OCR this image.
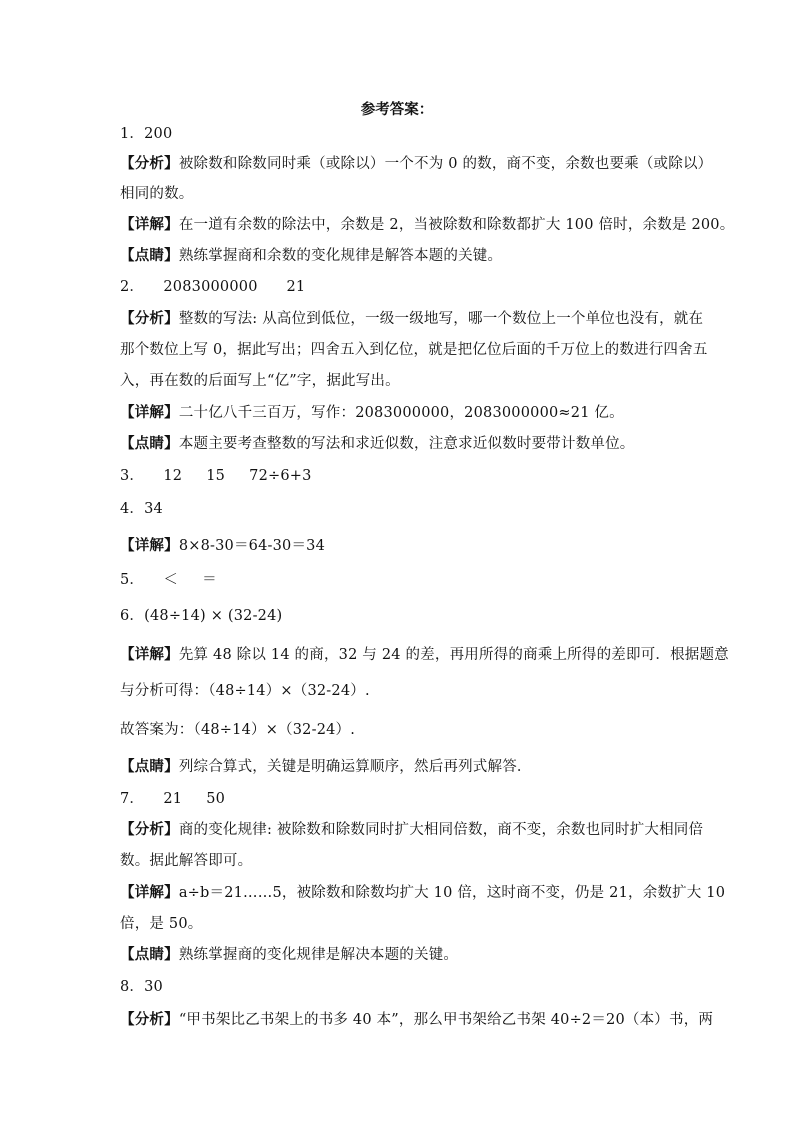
参考答案：
1．200
【分析】被除数和除数同时乘（或除以）一个不为 0 的数，商不变，余数也要乘（或除以）
相同的数。
【详解】在一道有余数的除法中，余数是 2，当被除数和除数都扩大 100 倍时，余数是 200。
【点睛】熟练掌握商和余数的变化规律是解答本题的关键。
2．    2083000000      21
【分析】整数的写法: 从高位到低位，一级一级地写，哪一个数位上一个单位也没有，就在
那个数位上写 0，据此写出；四舍五入到亿位，就是把亿位后面的千万位上的数进行四舍五
入，再在数的后面写上“亿”字，据此写出。
【详解】二十亿八千三百万，写作：2083000000，2083000000≈21 亿。
【点睛】本题主要考查整数的写法和求近似数，注意求近似数时要带计数单位。
3．    12     15     72÷6+3
4．34
【详解】8×8-30＝64-30＝34
5．    ＜     ＝
6．(48÷14) × (32-24)
【详解】先算 48 除以 14 的商，32 与 24 的差，再用所得的商乘上所得的差即可．根据题意
与分析可得：（48÷14）×（32-24）.
故答案为：（48÷14）×（32-24）.
【点睛】列综合算式，关键是明确运算顺序，然后再列式解答．
7．    21     50
【分析】商的变化规律: 被除数和除数同时扩大相同倍数，商不变，余数也同时扩大相同倍
数。据此解答即可。
【详解】a÷b＝21……5，被除数和除数均扩大 10 倍，这时商不变，仍是 21，余数扩大 10
倍，是 50。
【点睛】熟练掌握商的变化规律是解决本题的关键。
8．30
【分析】“甲书架比乙书架上的书多 40 本”，那么甲书架给乙书架 40÷2＝20（本）书，两
